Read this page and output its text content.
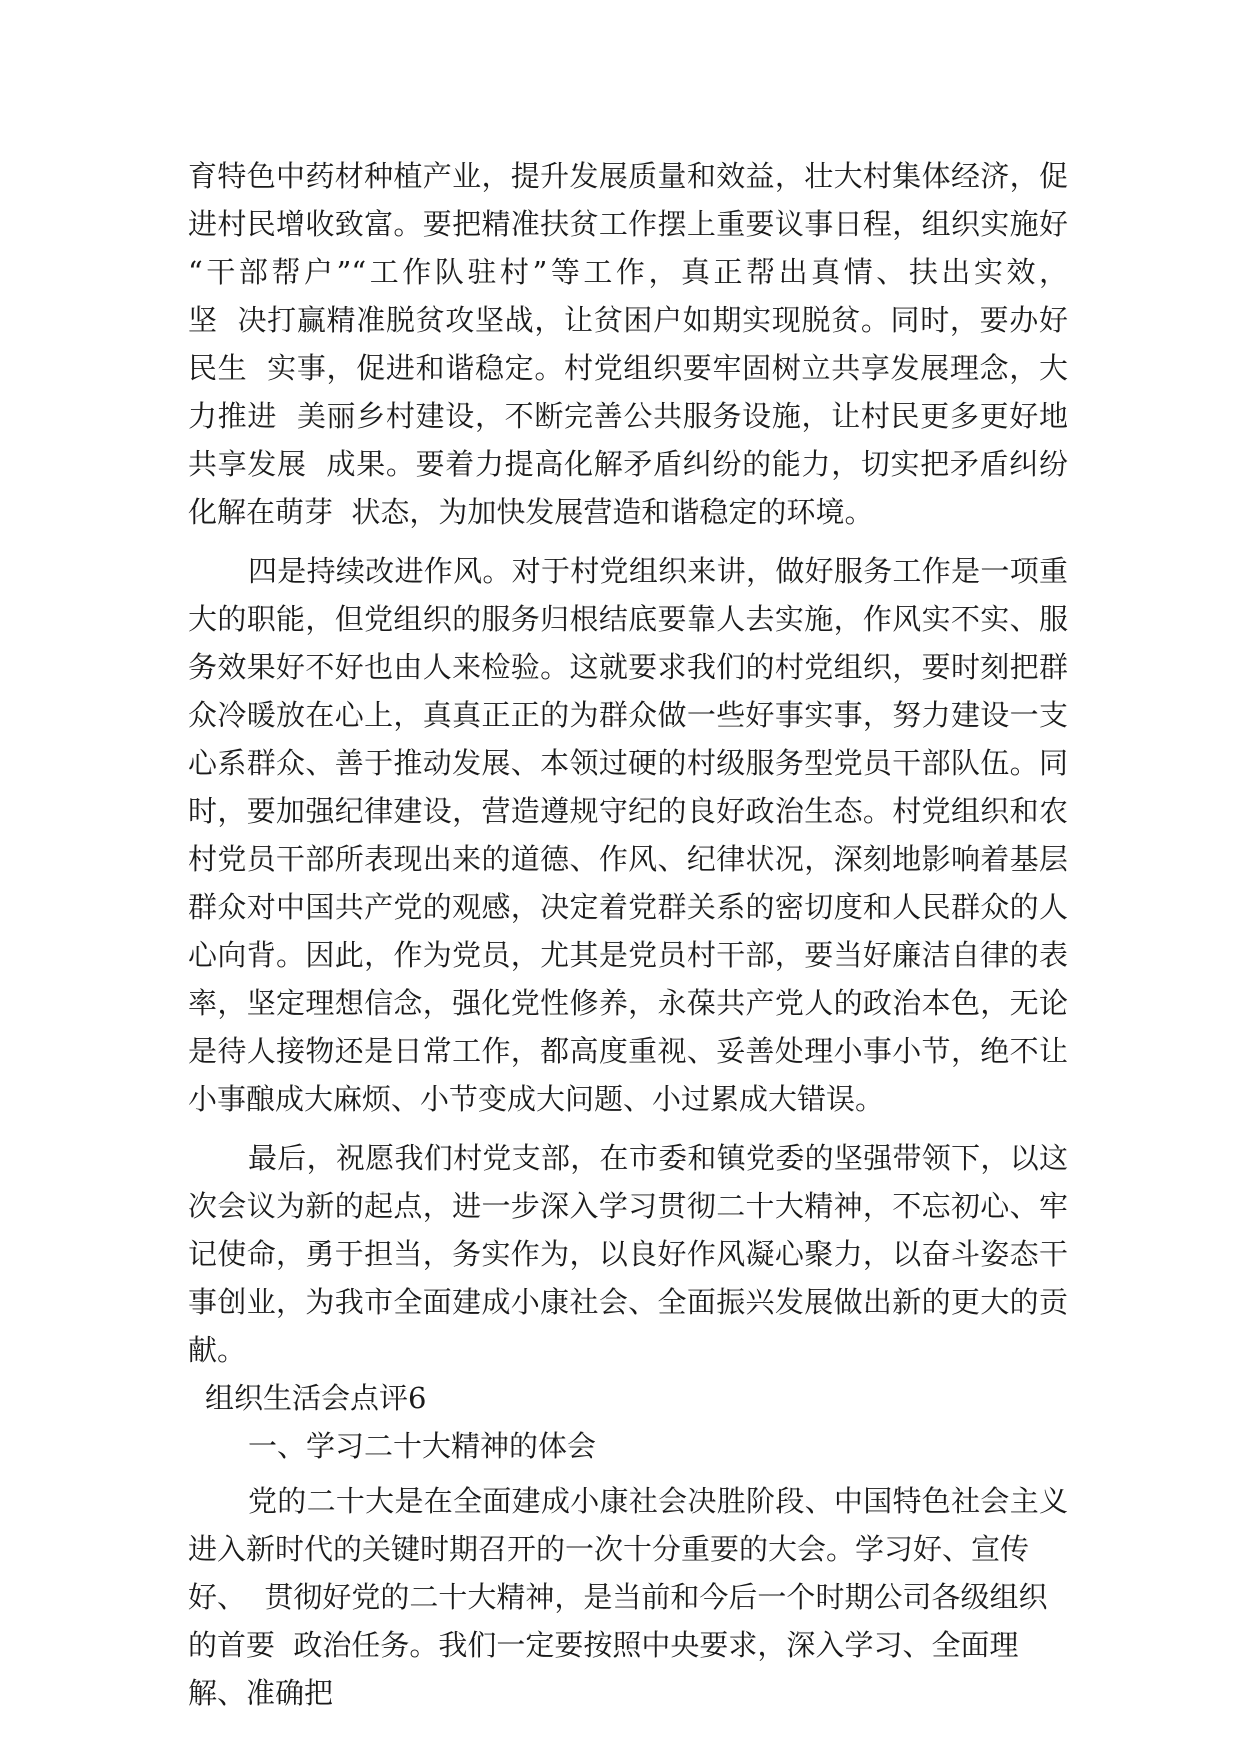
育特色中药材种植产业，提升发展质量和效益，壮大村集体经济，促
进村民增收致富。要把精准扶贫工作摆上重要议事日程，组织实施好
“干部帮户”“工作队驻村”等工作，真正帮出真情、扶出实效，
坚  决打赢精准脱贫攻坚战，让贫困户如期实现脱贫。同时，要办好
民生  实事，促进和谐稳定。村党组织要牢固树立共享发展理念，大
力推进  美丽乡村建设，不断完善公共服务设施，让村民更多更好地
共享发展  成果。要着力提高化解矛盾纠纷的能力，切实把矛盾纠纷
化解在萌芽  状态，为加快发展营造和谐稳定的环境。
四是持续改进作风。对于村党组织来讲，做好服务工作是一项重
大的职能，但党组织的服务归根结底要靠人去实施，作风实不实、服
务效果好不好也由人来检验。这就要求我们的村党组织，要时刻把群
众冷暖放在心上，真真正正的为群众做一些好事实事，努力建设一支
心系群众、善于推动发展、本领过硬的村级服务型党员干部队伍。同
时，要加强纪律建设，营造遵规守纪的良好政治生态。村党组织和农
村党员干部所表现出来的道德、作风、纪律状况，深刻地影响着基层
群众对中国共产党的观感，决定着党群关系的密切度和人民群众的人
心向背。因此，作为党员，尤其是党员村干部，要当好廉洁自律的表
率，坚定理想信念，强化党性修养，永葆共产党人的政治本色，无论
是待人接物还是日常工作，都高度重视、妥善处理小事小节，绝不让
小事酿成大麻烦、小节变成大问题、小过累成大错误。
最后，祝愿我们村党支部，在市委和镇党委的坚强带领下，以这
次会议为新的起点，进一步深入学习贯彻二十大精神，不忘初心、牢
记使命，勇于担当，务实作为，以良好作风凝心聚力，以奋斗姿态干
事创业，为我市全面建成小康社会、全面振兴发展做出新的更大的贡
献。
组织生活会点评6
一、学习二十大精神的体会
党的二十大是在全面建成小康社会决胜阶段、中国特色社会主义
进入新时代的关键时期召开的一次十分重要的大会。学习好、宣传
好、  贯彻好党的二十大精神，是当前和今后一个时期公司各级组织
的首要  政治任务。我们一定要按照中央要求，深入学习、全面理
解、准确把
